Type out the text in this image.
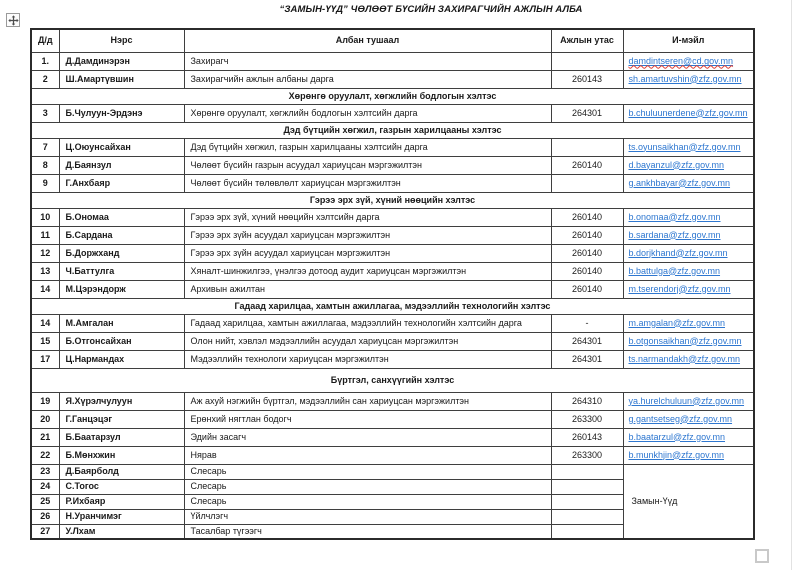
“ЗАМЫН-ҮҮД” ЧӨЛӨӨТ БҮСИЙН ЗАХИРАГЧИЙН АЖЛЫН АЛБА
Д/д	Нэрс	Албан тушаал	Ажлын утас	И-мэйл
1.	Д.Дамдинэрэн	Захирагч		damdintseren@cd.gov.mn
2	Ш.Амартүвшин	Захирагчийн ажлын албаны дарга	260143	sh.amartuvshin@zfz.gov.mn
Хөрөнгө оруулалт, хөгжлийн бодлогын хэлтэс				
3	Б.Чулуун-Эрдэнэ	Хөрөнгө оруулалт, хөгжлийн бодлогын хэлтсийн дарга	264301	b.chuluunerdene@zfz.gov.mn
Дэд бүтцийн хөгжил, газрын харилцааны хэлтэс				
7	Ц.Оюунсайхан	Дэд бүтцийн хөгжил, газрын харилцааны хэлтсийн дарга		ts.oyunsaikhan@zfz.gov.mn
8	Д.Баянзул	Чөлөөт бүсийн газрын асуудал хариуцсан мэргэжилтэн	260140	d.bayanzul@zfz.gov.mn
9	Г.Анхбаяр	Чөлөөт бүсийн төлөвлөлт хариуцсан мэргэжилтэн		g.ankhbayar@zfz.gov.mn
Гэрээ эрх зүй, хүний нөөцийн хэлтэс				
10	Б.Ономаа	Гэрээ эрх зүй, хүний нөөцийн хэлтсийн дарга	260140	b.onomaa@zfz.gov.mn
11	Б.Сардана	Гэрээ эрх зүйн асуудал хариуцсан мэргэжилтэн	260140	b.sardana@zfz.gov.mn
12	Б.Доржханд	Гэрээ эрх зүйн асуудал хариуцсан мэргэжилтэн	260140	b.dorjkhand@zfz.gov.mn
13	Ч.Баттулга	Хяналт-шинжилгээ, үнэлгээ дотоод аудит хариуцсан мэргэжилтэн	260140	b.battulga@zfz.gov.mn
14	М.Цэрэндорж	Архивын ажилтан	260140	m.tserendorj@zfz.gov.mn
Гадаад харилцаа, хамтын ажиллагаа, мэдээллийн технологийн хэлтэс				
14	М.Амгалан	Гадаад харилцаа, хамтын ажиллагаа, мэдээллийн технологийн хэлтсийн дарга	-	m.amgalan@zfz.gov.mn
15	Б.Отгонсайхан	Олон нийт, хэвлэл мэдээллийн асуудал хариуцсан мэргэжилтэн	264301	b.otgonsaikhan@zfz.gov.mn
17	Ц.Нармандах	Мэдээллийн технологи хариуцсан мэргэжилтэн	264301	ts.narmandakh@zfz.gov.mn
Бүртгэл, санхүүгийн хэлтэс				
19	Я.Хүрэлчулуун	Аж ахуй нэгжийн бүртгэл, мэдээллийн сан хариуцсан мэргэжилтэн	264310	ya.hurelchuluun@zfz.gov.mn
20	Г.Ганцэцэг	Ерөнхий нягтлан бодогч	263300	g.gantsetseg@zfz.gov.mn
21	Б.Баатарзул	Эдийн засагч	260143	b.baatarzul@zfz.gov.mn
22	Б.Мөнхжин	Нярав	263300	b.munkhjin@zfz.gov.mn
23	Д.Баярболд	Слесарь		Замын-Үүд
24	С.Тогос	Слесарь		
25	Р.Ихбаяр	Слесарь		
26	Н.Уранчимэг	Үйлчлэгч		
27	У.Лхам	Тасалбар түгээгч		
